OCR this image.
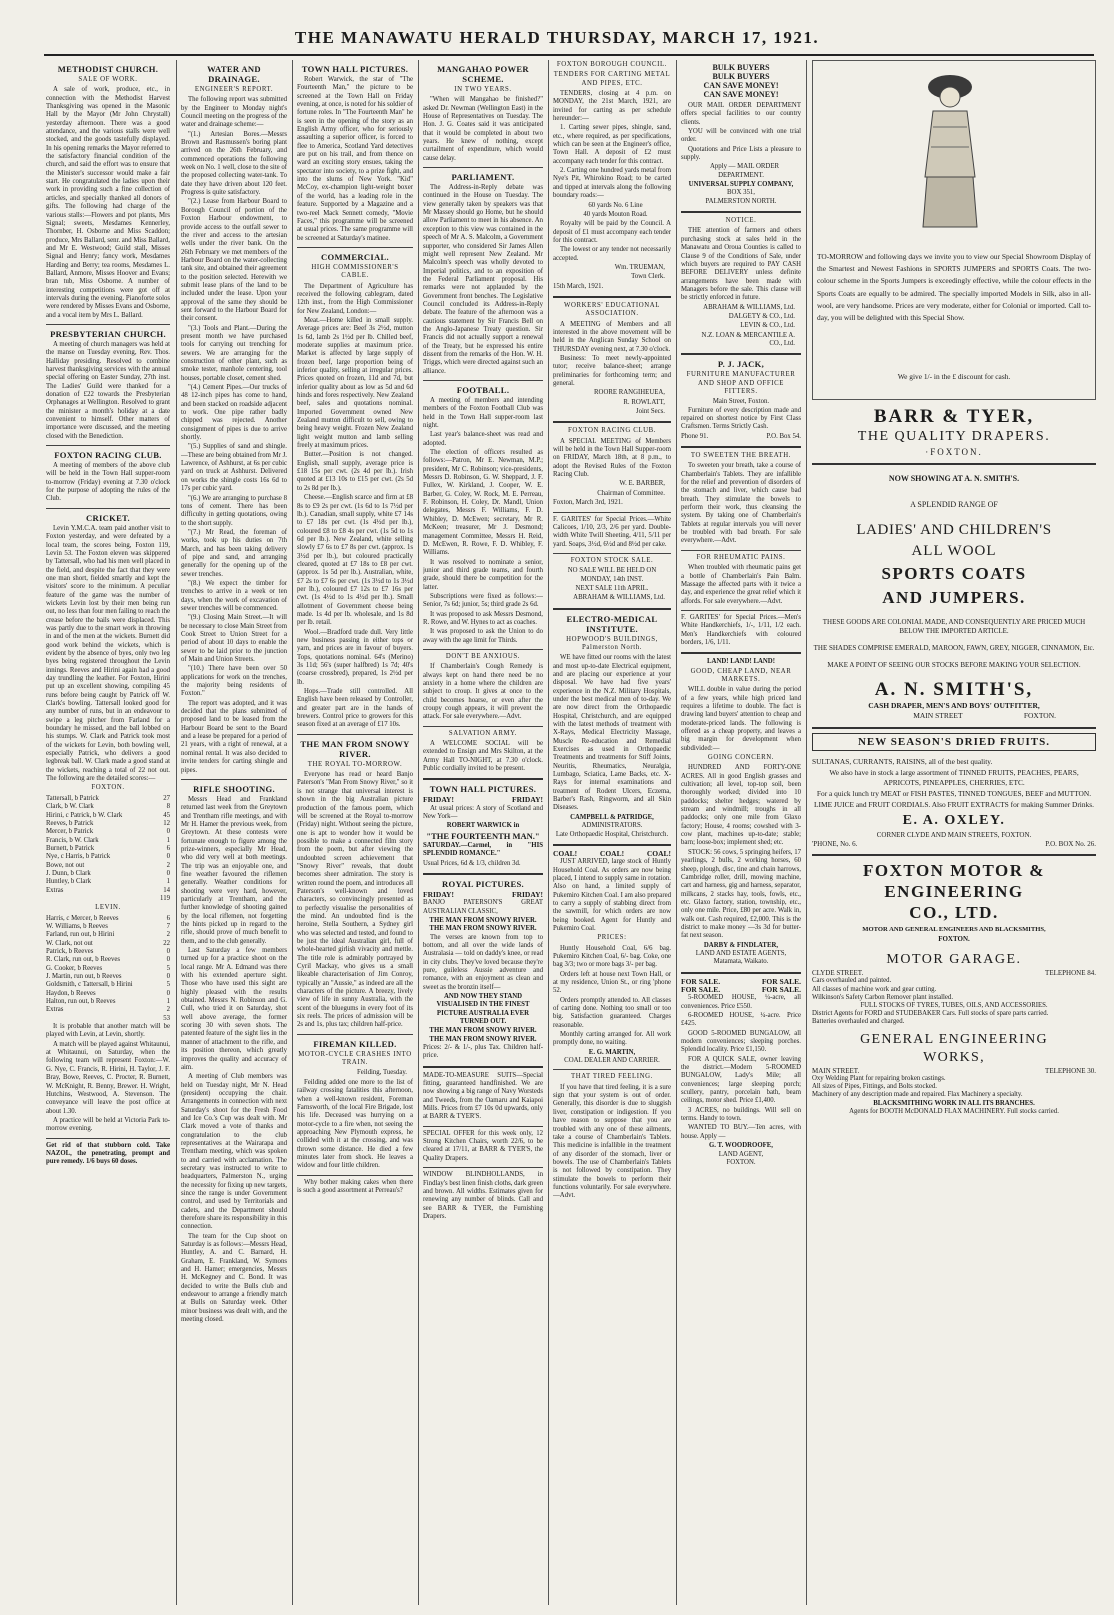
THE MANAWATU HERALD THURSDAY, MARCH 17, 1921.
METHODIST CHURCH.
SALE OF WORK.

A sale of work, produce, etc., in connection with the Methodist Harvest Thanksgiving was opened in the Masonic Hall by the Mayor (Mr John Chrystall) yesterday afternoon. There was a good attendance, and the various stalls were well stocked, and the goods tastefully displayed. In his opening remarks the Mayor referred to the satisfactory financial condition of the church, and said the effort was to ensure that the Minister's successor would make a fair start. He congratulated the ladies upon their work in providing such a fine collection of articles, and specially thanked all donors of gifts. The following had charge of the various stalls:—Flowers and pot plants, Mrs Signal; sweets, Mesdames Kennerley, Thornber, H. Osborne and Miss Scaddon; produce, Mrs Ballard, senr. and Miss Ballard, and Mr E. Westwood; Guild stall, Misses Signal and Henry; fancy work, Mesdames Harding and Berry; tea rooms, Mesdames L. Ballard, Anmore, Misses Hoover and Evans; bran tub, Miss Osborne. A number of interesting competitions were got off at intervals during the evening. Pianoforte solos were rendered by Misses Evans and Osborne, and a vocal item by Mrs L. Ballard.

PRESBYTERIAN CHURCH.

A meeting of church managers was held at the manse on Tuesday evening, Rev. Thos. Halliday presiding. Resolved to combine harvest thanksgiving services with the annual special offering on Easter Sunday, 27th inst. The Ladies' Guild were thanked for a donation of £22 towards the Presbyterian Orphanages at Wellington. Resolved to grant the minister a month's holiday at a date convenient to himself. Other matters of importance were discussed, and the meeting closed with the Benediction.

FOXTON RACING CLUB.

A meeting of members of the above club will be held in the Town Hall supper-room to-morrow (Friday) evening at 7.30 o'clock for the purpose of adopting the rules of the Club.

CRICKET.

Levin Y.M.C.A. team paid another visit to Foxton yesterday, and were defeated by a local team, the scores being, Foxton 119, Levin 53. The Foxton eleven was skippered by Tattersall, who had his men well placed in the field, and despite the fact that they were one man short, fielded smartly and kept the visitors' score to the minimum. A peculiar feature of the game was the number of wickets Levin lost by their men being run out, no less than four men failing to reach the crease before the bails were displaced. This was partly due to the smart work in throwing in and of the men at the wickets. Burnett did good work behind the wickets, which is evident by the absence of byes, only two leg byes being registered throughout the Levin innings. Reeves and Hirini again had a good day trundling the leather. For Foxton, Hirini put up an excellent showing, compiling 45 runs before being caught by Patrick off W. Clark's bowling. Tattersall looked good for any number of runs, but in an endeavour to swipe a leg pitcher from Farland for a boundary he missed, and the ball lobbed on his stumps. W. Clark and Patrick took most of the wickets for Levin, both bowling well, especially Patrick, who delivers a good legbreak ball. W. Clark made a good stand at the wickets, reaching a total of 22 not out. The following are the detailed scores:—

FOXTON.
Tattersall, b Patrick	27
Clark, b W. Clark	8
Hirini, c Patrick, b W. Clark	45
Reeves, b Patrick	12
Mercer, b Patrick	0
Francis, b W. Clark	1
Burnett, b Patrick	6
Nye, c Harris, b Patrick	0
Bowe, not out	2
J. Dunn, b Clark	0
Huntley, b Clark	1
Extras	14
119
LEVIN.
Harris, c Mercer, b Reeves	6
W. Williams, b Reeves	7
Farland, run out, b Hirini	2
W. Clark, not out	22
Patrick, b Reeves	0
R. Clark, run out, b Reeves	0
G. Cooker, b Reeves	5
J. Martin, run out, b Reeves	0
Goldsmith, c Tattersall, b Hirini	5
Haydon, b Reeves	0
Halton, run out, b Reeves	1
Extras	2
53

It is probable that another match will be played with Levin, at Levin, shortly.

A match will be played against Whitaunui, at Whitaunui, on Saturday, when the following team will represent Foxton:—W. G. Nye, C. Francis, R. Hirini, H. Taylor, J. F. Bray, Bowe, Reeves, C. Procter, R. Burnett, W. McKnight, R. Benny, Brewer. H. Wright, Hutchins, Westwood, A. Stevenson. The conveyance will leave the post office at about 1.30.

A practice will be held at Victoria Park to-morrow evening.

Get rid of that stubborn cold. Take NAZOL, the penetrating, prompt and pure remedy. 1/6 buys 60 doses.

WATER AND DRAINAGE.
ENGINEER'S REPORT.

The following report was submitted by the Engineer to Monday night's Council meeting on the progress of the water and drainage scheme:—

"(1.) Artesian Bores.—Messrs Brown and Rasmussen's boring plant arrived on the 26th February, and commenced operations the following week on No. 1 well, close to the site of the proposed collecting water-tank. To date they have driven about 120 feet. Progress is quite satisfactory.

"(2.) Lease from Harbour Board to Borough Council of portion of the Foxton Harbour endowment, to provide access to the outfall sewer to the river and access to the artesian wells under the river bank. On the 26th February we met members of the Harbour Board on the water-collecting tank site, and obtained their agreement to the position selected. Herewith we submit lease plans of the land to be included under the lease. Upon your approval of the same they should be sent forward to the Harbour Board for their consent.

"(3.) Tools and Plant.—During the present month we have purchased tools for carrying out trenching for sewers. We are arranging for the construction of other plant, such as smoke tester, manhole centering, tool houses, portable closet, cement shed.

"(4.) Cement Pipes.—Our trucks of 48 12-inch pipes has come to hand, and been stacked on roadside adjacent to work. One pipe rather badly chipped was rejected. Another consignment of pipes is due to arrive shortly.

"(5.) Supplies of sand and shingle.—These are being obtained from Mr J. Lawrence, of Ashhurst, at 6s per cubic yard on truck at Ashhurst. Delivered on works the shingle costs 16s 6d to 17s per cubic yard.

"(6.) We are arranging to purchase 8 tons of cement. There has been difficulty in getting quotations, owing to the short supply.

"(7.) Mr Read, the foreman of works, took up his duties on 7th March, and has been taking delivery of pipe and sand, and arranging generally for the opening up of the sewer trenches.

"(8.) We expect the timber for trenches to arrive in a week or ten days, when the work of excavation of sewer trenches will be commenced.

"(9.) Closing Main Street.—It will be necessary to close Main Street from Cook Street to Union Street for a period of about 10 days to enable the sewer to be laid prior to the junction of Main and Union Streets.

"(10.) There have been over 50 applications for work on the trenches, the majority being residents of Foxton."

The report was adopted, and it was decided that the plans submitted of proposed land to be leased from the Harbour Board be sent to the Board and a lease be prepared for a period of 21 years, with a right of renewal, at a nominal rental. It was also decided to invite tenders for carting shingle and pipes.

RIFLE SHOOTING.

Messrs Head and Frankland returned last week from the Greytown and Trentham rifle meetings, and with Mr H. Hamer the previous week, from Greytown. At these contests were fortunate enough to figure among the prize-winners, especially Mr Head, who did very well at both meetings. The trip was an enjoyable one, and fine weather favoured the riflemen generally. Weather conditions for shooting were very hard, however, particularly at Trentham, and the further knowledge of shooting gained by the local riflemen, not forgetting the hints picked up in regard to the rifle, should prove of much benefit to them, and to the club generally.

Last Saturday a few members turned up for a practice shoot on the local range. Mr A. Edmand was there with his extended aperture sight. Those who have used this sight are highly pleased with the results obtained. Messrs N. Robinson and G. Cull, who tried it on Saturday, shot well above average, the former scoring 30 with seven shots. The patented feature of the sight lies in the manner of attachment to the rifle, and its position thereon, which greatly improves the quality and accuracy of aim.

A meeting of Club members was held on Tuesday night, Mr N. Head (president) occupying the chair. Arrangements in connection with next Saturday's shoot for the Fresh Food and Ice Co.'s Cup was dealt with. Mr Clark moved a vote of thanks and congratulation to the club representatives at the Wairarapa and Trentham meeting, which was spoken to and carried with acclamation. The secretary was instructed to write to headquarters, Palmerston N., urging the necessity for fixing up new targets, since the range is under Government control, and used by Territorials and cadets, and the Department should therefore share its responsibility in this connection.

The team for the Cup shoot on Saturday is as follows:—Messrs Head, Huntley, A. and C. Barnard, H. Graham, E. Frankland, W. Symons and H. Hamer; emergencies, Messrs H. McKegney and C. Bond. It was decided to write the Bulls club and endeavour to arrange a friendly match at Bulls on Saturday week. Other minor business was dealt with, and the meeting closed.

TOWN HALL PICTURES.

Robert Warwick, the star of "The Fourteenth Man," the picture to be screened at the Town Hall on Friday evening, at once, is noted for his soldier of fortune roles. In "The Fourteenth Man" he is seen in the opening of the story as an English Army officer, who for seriously assaulting a superior officer, is forced to flee to America, Scotland Yard detectives are put on his trail, and from thence on ward an exciting story ensues, taking the spectator into society, to a prize fight, and into the slums of New York. "Kid" McCoy, ex-champion light-weight boxer of the world, has a leading role in the feature. Supported by a Magazine and a two-reel Mack Sennett comedy, "Movie Faces," this programme will be screened at usual prices. The same programme will be screened at Saturday's matinee.

COMMERCIAL.
HIGH COMMISSIONER'S CABLE.

The Department of Agriculture has received the following cablegram, dated 12th inst., from the High Commissioner for New Zealand, London:—

Meat.—Home killed in small supply. Average prices are: Beef 3s 2½d, mutton 1s 6d, lamb 2s 1½d per lb. Chilled beef, moderate supplies at maximum price. Market is affected by large supply of frozen beef, large proportion being of inferior quality, selling at irregular prices. Prices quoted on frozen, 11d and 7d, but inferior quality about as low as 5d and 6d hinds and fores respectively. New Zealand beef, sales and quotations nominal. Imported Government owned New Zealand mutton difficult to sell, owing to being heavy weight. Frozen New Zealand light weight mutton and lamb selling freely at maximum prices.

Butter.—Position is not changed. English, small supply, average price is £18 15s per cwt. (2s 4d per lb.). Irish quoted at £13 10s to £15 per cwt. (2s 5d to 2s 8d per lb.).

Cheese.—English scarce and firm at £8 8s to £9 2s per cwt. (1s 6d to 1s 7½d per lb.). Canadian, small supply, white £7 14s to £7 18s per cwt. (1s 4½d per lb.), coloured £8 to £8 4s per cwt. (1s 5d to 1s 6d per lb.). New Zealand, white selling slowly £7 6s to £7 8s per cwt. (approx. 1s 3½d per lb.), but coloured practically cleared, quoted at £7 18s to £8 per cwt. (approx. 1s 5d per lb.). Australian, white, £7 2s to £7 6s per cwt. (1s 3½d to 1s 3½d per lb.), coloured £7 12s to £7 16s per cwt. (1s 4½d to 1s 4½d per lb.). Small allotment of Government cheese being made. 1s 4d per lb. wholesale, and 1s 8d per lb. retail.

Wool.—Bradford trade dull. Very little new business passing in either tops or yarn, and prices are in favour of buyers. Tops, quotations nominal. 64's (Merino) 3s 11d; 56's (super halfbred) 1s 7d; 40's (coarse crossbred), prepared, 1s 2½d per lb.

Hops.—Trade still controlled. All English have been released by Controller, and greater part are in the hands of brewers. Control price to growers for this season fixed at an average of £17 10s.

THE MAN FROM SNOWY RIVER.
THE ROYAL TO-MORROW.

Everyone has read or heard Banjo Paterson's "Man From Snowy River," so it is not strange that universal interest is shown in the big Australian picture production of the famous poem, which will be screened at the Royal to-morrow (Friday) night. Without seeing the picture, one is apt to wonder how it would be possible to make a connected film story from the poem, but after viewing the undoubted screen achievement that "Snowy River" reveals, that doubt becomes sheer admiration. The story is written round the poem, and introduces all Paterson's well-known and loved characters, so convincingly presented as to perfectly visualise the personalities of the mind. An undoubted find is the heroine, Stella Southern, a Sydney girl who was selected and tested, and found to be just the ideal Australian girl, full of whole-hearted girlish vivacity and mettle. The title role is admirably portrayed by Cyril Mackay, who gives us a small likeable characterisation of Jim Conroy, typically an "Aussie," as indeed are all the characters of the picture. A breezy, lively view of life in sunny Australia, with the scent of the bluegums in every foot of its six reels. The prices of admission will be 2s and 1s, plus tax; children half-price.

FIREMAN KILLED.
MOTOR-CYCLE CRASHES INTO TRAIN.

Feilding, Tuesday.

Feilding added one more to the list of railway crossing fatalities this afternoon, when a well-known resident, Foreman Farnsworth, of the local Fire Brigade, lost his life. Deceased was hurrying on a motor-cycle to a fire when, not seeing the approaching New Plymouth express, he collided with it at the crossing, and was thrown some distance. He died a few minutes later from shock. He leaves a widow and four little children.

Why bother making cakes when there is such a good assortment at Perreau's?

MANGAHAO POWER SCHEME.
IN TWO YEARS.

"When will Mangahao be finished?" asked Dr. Newman (Wellington East) in the House of Representatives on Tuesday. The Hon. J. G. Coates said it was anticipated that it would be completed in about two years. He knew of nothing, except curtailment of expenditure, which would cause delay.

PARLIAMENT.

The Address-in-Reply debate was continued in the House on Tuesday. The view generally taken by speakers was that Mr Massey should go Home, but he should allow Parliament to meet in his absence. An exception to this view was contained in the speech of Mr A. S. Malcolm, a Government supporter, who considered Sir James Allen might well represent New Zealand. Mr Malcolm's speech was wholly devoted to Imperial politics, and to an exposition of the Federal Parliament proposal. His remarks were not applauded by the Government front benches. The Legislative Council concluded its Address-in-Reply debate. The feature of the afternoon was a cautious statement by Sir Francis Bell on the Anglo-Japanese Treaty question. Sir Francis did not actually support a renewal of the Treaty, but he expressed his entire dissent from the remarks of the Hon. W. H. Triggs, which were directed against such an alliance.

FOOTBALL.

A meeting of members and intending members of the Foxton Football Club was held in the Town Hall supper-room last night.

Last year's balance-sheet was read and adopted.

The election of officers resulted as follows:—Patron, Mr E. Newman, M.P.; president, Mr C. Robinson; vice-presidents, Messrs D. Robinson, G. W. Sheppard, J. F. Fullex, W. Kirkland, J. Cooper, W. E. Barber, G. Coley, W. Rock, M. E. Perreau, F. Robinson, H. Coley, Dr. Mandl, Union delegates, Messrs F. Williams, F. D. Whibley, D. McEwen; secretary, Mr R. McKeen; treasurer, Mr J. Desmond; management Committee, Messrs H. Reid, D. McEwen, R. Rowe, F. D. Whibley, F. Williams.

It was resolved to nominate a senior, junior and third grade teams, and fourth grade, should there be competition for the latter.

Subscriptions were fixed as follows:—Senior, 7s 6d; junior, 5s; third grade 2s 6d.

It was proposed to ask Messrs Desmond, R. Rowe, and W. Hynes to act as coaches.

It was proposed to ask the Union to do away with the age limit for Thirds.

DON'T BE ANXIOUS.

If Chamberlain's Cough Remedy is always kept on hand there need be no anxiety in a home where the children are subject to croup. It gives at once to the child becomes hoarse, or even after the croupy cough appears, it will prevent the attack. For sale everywhere.—Advt.

SALVATION ARMY.

A WELCOME SOCIAL will be extended to Ensign and Mrs Skilton, at the Army Hall TO-NIGHT, at 7.30 o'clock. Public cordially invited to be present.

TOWN HALL PICTURES.
FRIDAY!	FRIDAY!

At usual prices: A story of Scotland and New York—

ROBERT WARWICK in
"THE FOURTEENTH MAN."

SATURDAY.—Carmel, in "HIS SPLENDID ROMANCE."

Usual Prices, 6d & 1/3, children 3d.

ROYAL PICTURES.
FRIDAY!	FRIDAY!

BANJO PATERSON'S GREAT AUSTRALIAN CLASSIC,

THE MAN FROM SNOWY RIVER.
THE MAN FROM SNOWY RIVER.

The verses are known from top to bottom, and all over the wide lands of Australasia — told on daddy's knee, or read in city clubs. They've loved because they're pure, guileless Aussie adventure and romance, with an enjoyment as clean and sweet as the bronzin itself—

AND NOW THEY STAND VISUALISED IN THE FINEST PICTURE AUSTRALIA EVER TURNED OUT.

THE MAN FROM SNOWY RIVER.
THE MAN FROM SNOWY RIVER.

Prices: 2/- & 1/-, plus Tax. Children half-price.

MADE-TO-MEASURE SUITS—Special fitting, guaranteed handfinished. We are now showing a big range of Navy Worsteds and Tweeds, from the Oamaru and Kaiapoi Mills. Prices from £7 10s 0d upwards, only at BARR & TYER'S.

SPECIAL OFFER for this week only, 12 Strong Kitchen Chairs, worth 22/6, to be cleared at 17/11, at BARR & TYER'S, the Quality Drapers.

WINDOW BLINDHOLLANDS, in Findlay's best linen finish cloths, dark green and brown. All widths. Estimates given for renewing any number of blinds. Call and see BARR & TYER, the Furnishing Drapers.

FOXTON BOROUGH COUNCIL.
TENDERS FOR CARTING METAL AND PIPES, ETC.

TENDERS, closing at 4 p.m. on MONDAY, the 21st March, 1921, are invited for carting as per schedule hereunder:—

1. Carting sewer pipes, shingle, sand, etc., where required, as per specifications, which can be seen at the Engineer's office, Town Hall. A deposit of £2 must accompany each tender for this contract.

2. Carting one hundred yards metal from Nye's Pit, Whirokino Road; to be carted and tipped at intervals along the following boundary roads:—

60 yards No. 6 Line

40 yards Mouton Road.

Royalty will be paid by the Council. A deposit of £1 must accompany each tender for this contract.

The lowest or any tender not necessarily accepted.

Wm. TRUEMAN,

Town Clerk.

15th March, 1921.

WORKERS' EDUCATIONAL ASSOCIATION.

A MEETING of Members and all interested in the above movement will be held in the Anglican Sunday School on THURSDAY evening next, at 7.30 o'clock.

Business: To meet newly-appointed tutor; receive balance-sheet; arrange preliminaries for forthcoming term; and general.

ROORE RANGIHEUEA,

R. ROWLATT,

Joint Secs.

FOXTON RACING CLUB.

A SPECIAL MEETING of Members will be held in the Town Hall Supper-room on FRIDAY, March 18th, at 8 p.m., to adopt the Revised Rules of the Foxton Racing Club.

W. E. BARBER,

Chairman of Committee.

Foxton, March 3rd, 1921.

F. GARITES' for Special Prices.—White Calicoes, 1/10, 2/3, 2/6 per yard. Double-width White Twill Sheeting, 4/11, 5/11 per yard. Soaps, 3½d, 6½d and 8½d per cake.

FOXTON STOCK SALE.

NO SALE WILL BE HELD ON MONDAY, 14th INST.

NEXT SALE 11th APRIL.

ABRAHAM & WILLIAMS, Ltd.

ELECTRO-MEDICAL INSTITUTE.
HOPWOOD'S BUILDINGS, Palmerston North.

WE have fitted our rooms with the latest and most up-to-date Electrical equipment, and are placing our experience at your disposal. We have had five years' experience in the N.Z. Military Hospitals, under the best medical men of to-day. We are now direct from the Orthopaedic Hospital, Christchurch, and are equipped with the latest methods of treatment with X-Rays, Medical Electricity Massage, Muscle Re-education and Remedial Exercises as used in Orthopaedic Treatments and treatments for Stiff Joints, Neuritis, Rheumatics, Neuralgia, Lumbago, Sciatica, Lame Backs, etc. X-Rays for internal examinations and treatment of Rodent Ulcers, Eczema, Barber's Rash, Ringworm, and all Skin Diseases.

CAMPBELL & PATRIDGE,
ADMINISTRATORS.
Late Orthopaedic Hospital, Christchurch.
COAL!	COAL!	COAL!

JUST ARRIVED, large stock of Huntly Household Coal. As orders are now being placed, I intend to supply same in rotation. Also on hand, a limited supply of Pukemiro Kitchen Coal. I am also prepared to carry a supply of stabbing direct from the sawmill, for which orders are now being booked. Agent for Huntly and Pukemiro Coal.

PRICES:

Huntly Household Coal, 6/6 bag. Pukemiro Kitchen Coal, 6/- bag. Coke, one bag 3/3; two or more bags 3/- per bag.

Orders left at house next Town Hall, or at my residence, Union St., or ring 'phone 52.

Orders promptly attended to. All classes of carting done. Nothing too small or too big. Satisfaction guaranteed. Charges reasonable.

Monthly carting arranged for. All work promptly done, no waiting.

E. G. MARTIN,
COAL DEALER AND CARRIER.
THAT TIRED FEELING.

If you have that tired feeling, it is a sure sign that your system is out of order. Generally, this disorder is due to sluggish liver, constipation or indigestion. If you have reason to suppose that you are troubled with any one of these ailments, take a course of Chamberlain's Tablets. This medicine is infallible in the treatment of any disorder of the stomach, liver or bowels. The use of Chamberlain's Tablets is not followed by constipation. They stimulate the bowels to perform their functions voluntarily. For sale everywhere.—Advt.

BULK BUYERS
BULK BUYERS
CAN SAVE MONEY!
CAN SAVE MONEY!

OUR MAIL ORDER DEPARTMENT offers special facilities to our country clients.

YOU will be convinced with one trial order.

Quotations and Price Lists a pleasure to supply.

Apply — MAIL ORDER DEPARTMENT.

UNIVERSAL SUPPLY COMPANY,
BOX 351,
PALMERSTON NORTH.
NOTICE.

THE attention of farmers and others purchasing stock at sales held in the Manawatu and Oroua Counties is called to Clause 9 of the Conditions of Sale, under which buyers are required to PAY CASH BEFORE DELIVERY unless definite arrangements have been made with Managers before the sale. This clause will be strictly enforced in future.

ABRAHAM & WILLIAMS, Ltd.

DALGETY & CO., Ltd.

LEVIN & CO., Ltd.

N.Z. LOAN & MERCANTILE A. CO., Ltd.

P. J. JACK,
FURNITURE MANUFACTURER AND SHOP AND OFFICE FITTERS.
Main Street, Foxton.

Furniture of every description made and repaired on shortest notice by First Class Craftsmen. Terms Strictly Cash.

Phone 91.	P.O. Box 54.
TO SWEETEN THE BREATH.

To sweeten your breath, take a course of Chamberlain's Tablets. They are infallible for the relief and prevention of disorders of the stomach and liver, which cause bad breath. They stimulate the bowels to perform their work, thus cleansing the system. By taking one of Chamberlain's Tablets at regular intervals you will never be troubled with bad breath. For sale everywhere.—Advt.

FOR RHEUMATIC PAINS.

When troubled with rheumatic pains get a bottle of Chamberlain's Pain Balm. Massage the affected parts with it twice a day, and experience the great relief which it affords. For sale everywhere.—Advt.

F. GARITES' for Special Prices.—Men's White Handkerchiefs, 1/-, 1/11, 1/2 each. Men's Handkerchiefs with coloured borders, 1/6, 1/11.

LAND! LAND! LAND!
GOOD, CHEAP LAND, NEAR MARKETS.

WILL double in value during the period of a few years, while high priced land requires a lifetime to double. The fact is drawing land buyers' attention to cheap and moderate-priced lands. The following is offered as a cheap property, and leaves a big margin for development when subdivided:—

GOING CONCERN.

HUNDRED AND FORTY-ONE ACRES. All in good English grasses and cultivation; all level, top-top soil, been thoroughly worked; divided into 10 paddocks; shelter hedges; watered by stream and windmill; troughs in all paddocks; only one mile from Glaxo factory; House, 4 rooms; cowshed with 3-cow plant, machines up-to-date; stable; barn; loose-box; implement shed; etc.

STOCK: 56 cows, 5 springing heifers, 17 yearlings, 2 bulls, 2 working horses, 60 sheep, plough, disc, tine and chain harrows, Cambridge roller, drill, mowing machine, cart and harness, gig and harness, separator, milkcans, 2 stacks hay, tools, fowls, etc., etc. Glaxo factory, station, township, etc., only one mile. Price, £80 per acre. Walk in, walk out. Cash required, £2,000. This is the district to make money —3s 3d for butter-fat next season.

DARBY & FINDLATER,
LAND AND ESTATE AGENTS,
Matamata, Waikato.
FOR SALE.	FOR SALE.
FOR SALE.	FOR SALE.

5-ROOMED HOUSE, ¼-acre, all conveniences. Price £550.

6-ROOMED HOUSE, ¼-acre. Price £425.

GOOD 5-ROOMED BUNGALOW, all modern conveniences; sleeping porches. Splendid locality. Price £1,150.

FOR A QUICK SALE, owner leaving the district.—Modern 5-ROOMED BUNGALOW, Lady's Mile; all conveniences; large sleeping porch; scullery, pantry, porcelain bath, beam ceilings, motor shed. Price £1,400.

3 ACRES, no buildings. Will sell on terms. Handy to town.

WANTED TO BUY.—Ten acres, with house. Apply —

G. T. WOODROOFE,
LAND AGENT,
FOXTON.
TO-MORROW and following days we invite you to view our Special Showroom Display of the Smartest and Newest Fashions in SPORTS JUMPERS and SPORTS Coats. The two-colour scheme in the Sports Jumpers is exceedingly effective, while the colour effects in the Sports Coats are equally to be admired. The specially imported Models in Silk, also in all-wool, are very handsome. Prices are very moderate, either for Colonial or imported. Call to-day, you will be delighted with this Special Show.
We give 1/- in the £ discount for cash.
BARR & TYER,
THE QUALITY DRAPERS.
·FOXTON.
NOW SHOWING AT A. N. SMITH'S.
A SPLENDID RANGE OF
LADIES' AND CHILDREN'S
ALL WOOL
SPORTS COATS
AND JUMPERS.
THESE GOODS ARE COLONIAL MADE, AND CONSEQUENTLY ARE PRICED MUCH BELOW THE IMPORTED ARTICLE.
THE SHADES COMPRISE EMERALD, MAROON, FAWN, GREY, NIGGER, CINNAMON, Etc.
MAKE A POINT OF SEEING OUR STOCKS BEFORE MAKING YOUR SELECTION.
A. N. SMITH'S,
CASH DRAPER, MEN'S AND BOYS' OUTFITTER,
MAIN STREET	FOXTON.
NEW SEASON'S DRIED FRUITS.

SULTANAS, CURRANTS, RAISINS, all of the best quality.

We also have in stock a large assortment of TINNED FRUITS, PEACHES, PEARS, APRICOTS, PINEAPPLES, CHERRIES, ETC.

For a quick lunch try MEAT or FISH PASTES, TINNED TONGUES, BEEF and MUTTON.

LIME JUICE and FRUIT CORDIALS. Also FRUIT EXTRACTS for making Summer Drinks.

E. A. OXLEY.
CORNER CLYDE AND MAIN STREETS, FOXTON.
'PHONE, No. 6.	P.O. BOX No. 26.
FOXTON MOTOR &
ENGINEERING
CO., LTD.
MOTOR AND GENERAL ENGINEERS AND BLACKSMITHS,
FOXTON.
MOTOR GARAGE.
CLYDE STREET.	TELEPHONE 84.
Cars overhauled and painted.
All classes of machine work and gear cutting.
Wilkinson's Safety Carbon Remover plant installed.
FULL STOCKS OF TYRES, TUBES, OILS, AND ACCESSORIES.
District Agents for FORD and STUDEBAKER Cars. Full stocks of spare parts carried.
Batteries overhauled and charged.
GENERAL ENGINEERING
WORKS,
MAIN STREET.	TELEPHONE 30.
Oxy Welding Plant for repairing broken castings.
All sizes of Pipes, Fittings, and Bolts stocked.
Machinery of any description made and repaired. Flax Machinery a specialty.
BLACKSMITHING WORK IN ALL ITS BRANCHES.
Agents for BOOTH McDONALD FLAX MACHINERY. Full stocks carried.
